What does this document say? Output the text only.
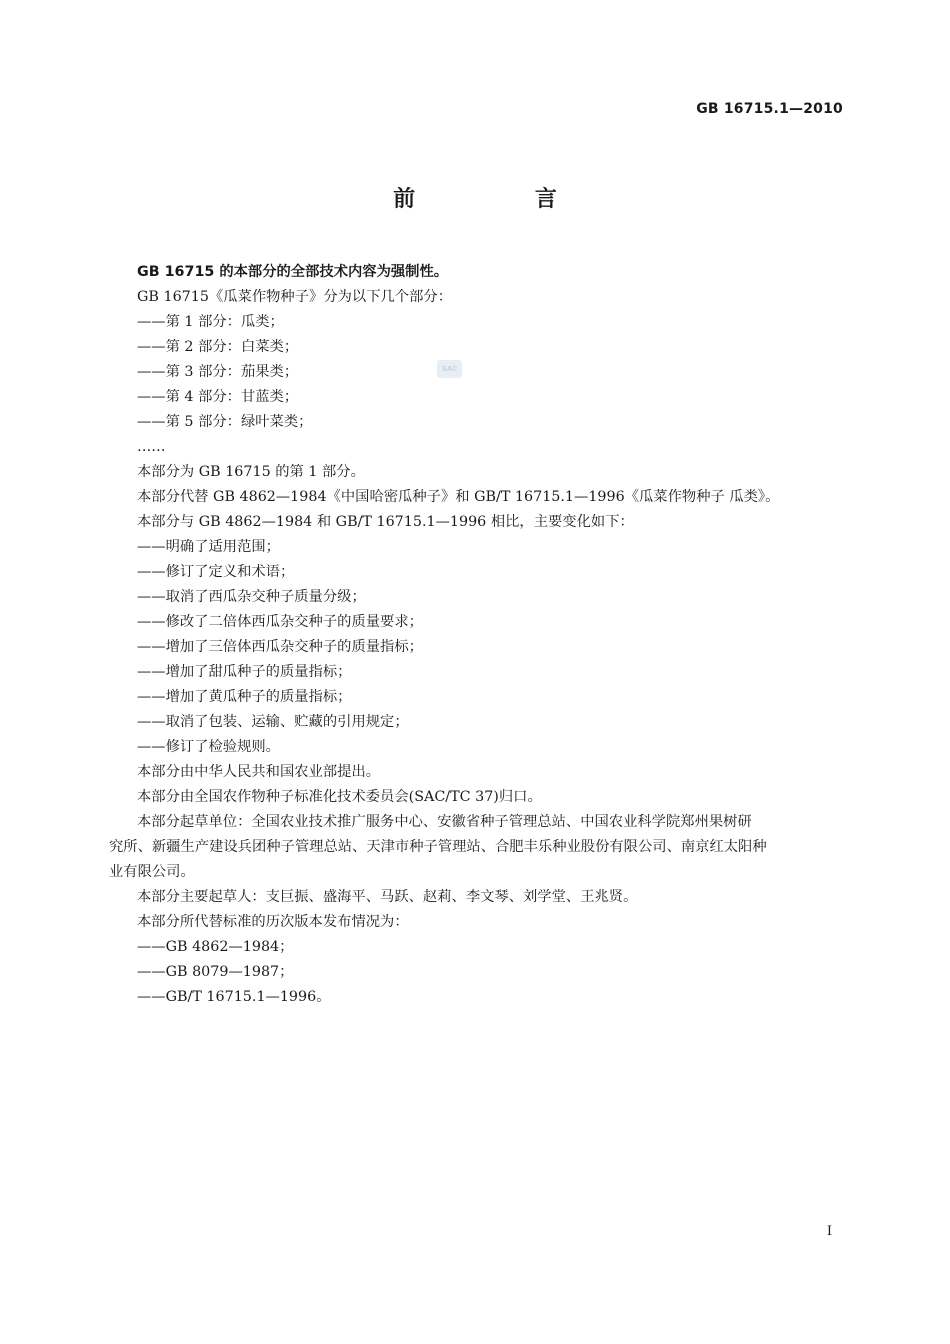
GB 16715.1—2010
前 言
SAC

GB 16715 的本部分的全部技术内容为强制性。

GB 16715《瓜菜作物种子》分为以下几个部分：

——第 1 部分：瓜类；

——第 2 部分：白菜类；

——第 3 部分：茄果类；

——第 4 部分：甘蓝类；

——第 5 部分：绿叶菜类；

……

本部分为 GB 16715 的第 1 部分。

本部分代替 GB 4862—1984《中国哈密瓜种子》和 GB/T 16715.1—1996《瓜菜作物种子 瓜类》。

本部分与 GB 4862—1984 和 GB/T 16715.1—1996 相比，主要变化如下：

——明确了适用范围；

——修订了定义和术语；

——取消了西瓜杂交种子质量分级；

——修改了二倍体西瓜杂交种子的质量要求；

——增加了三倍体西瓜杂交种子的质量指标；

——增加了甜瓜种子的质量指标；

——增加了黄瓜种子的质量指标；

——取消了包装、运输、贮藏的引用规定；

——修订了检验规则。

本部分由中华人民共和国农业部提出。

本部分由全国农作物种子标准化技术委员会(SAC/TC 37)归口。

本部分起草单位：全国农业技术推广服务中心、安徽省种子管理总站、中国农业科学院郑州果树研

究所、新疆生产建设兵团种子管理总站、天津市种子管理站、合肥丰乐种业股份有限公司、南京红太阳种

业有限公司。

本部分主要起草人：支巨振、盛海平、马跃、赵莉、李文琴、刘学堂、王兆贤。

本部分所代替标准的历次版本发布情况为：

——GB 4862—1984；

——GB 8079—1987；

——GB/T 16715.1—1996。

I
